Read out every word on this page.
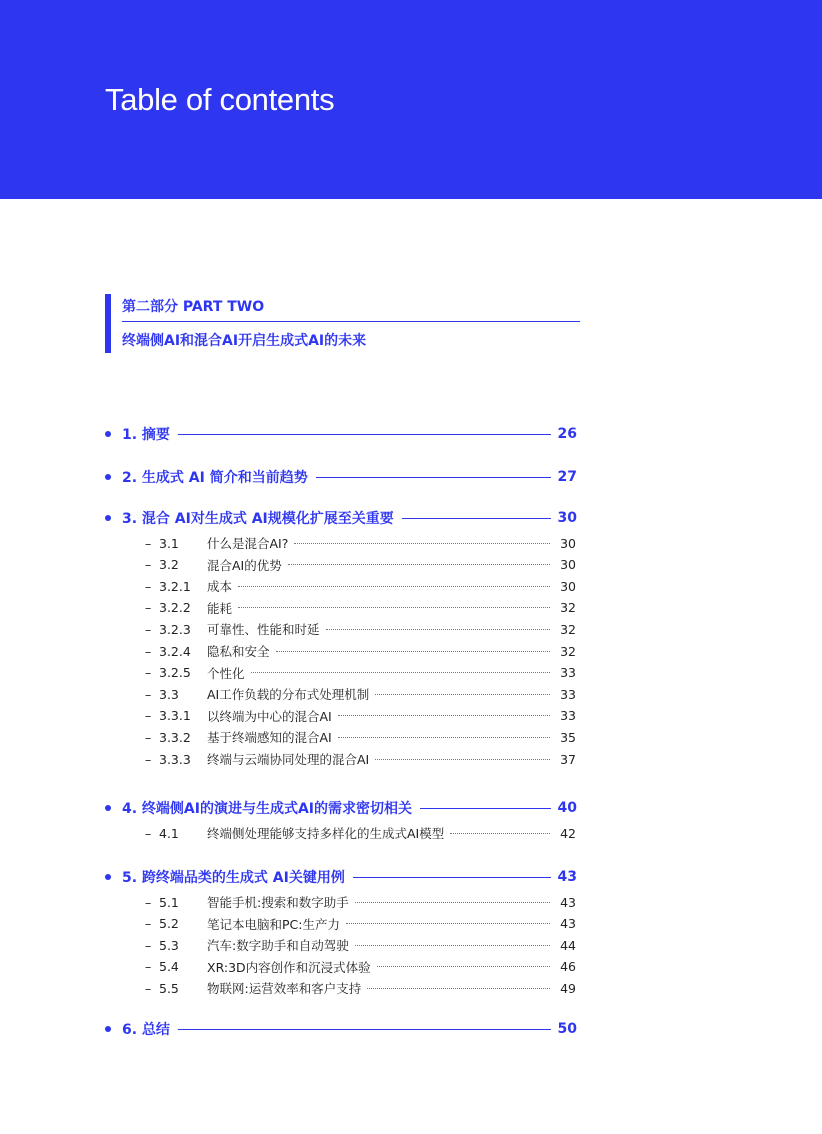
Table of contents
第二部分 PART TWO
终端侧AI和混合AI开启生成式AI的未来
1. 摘要	26
2. 生成式 AI 简介和当前趋势	27
3. 混合 AI对生成式 AI规模化扩展至关重要	30
– 3.1	什么是混合AI?	30
– 3.2	混合AI的优势	30
– 3.2.1	成本	30
– 3.2.2	能耗	32
– 3.2.3	可靠性、性能和时延	32
– 3.2.4	隐私和安全	32
– 3.2.5	个性化	33
– 3.3	AI工作负载的分布式处理机制	33
– 3.3.1	以终端为中心的混合AI	33
– 3.3.2	基于终端感知的混合AI	35
– 3.3.3	终端与云端协同处理的混合AI	37
4. 终端侧AI的演进与生成式AI的需求密切相关	40
– 4.1	终端侧处理能够支持多样化的生成式AI模型	42
5. 跨终端品类的生成式 AI关键用例	43
– 5.1	智能手机:搜索和数字助手	43
– 5.2	笔记本电脑和PC:生产力	43
– 5.3	汽车:数字助手和自动驾驶	44
– 5.4	XR:3D内容创作和沉浸式体验	46
– 5.5	物联网:运营效率和客户支持	49
6. 总结	50
